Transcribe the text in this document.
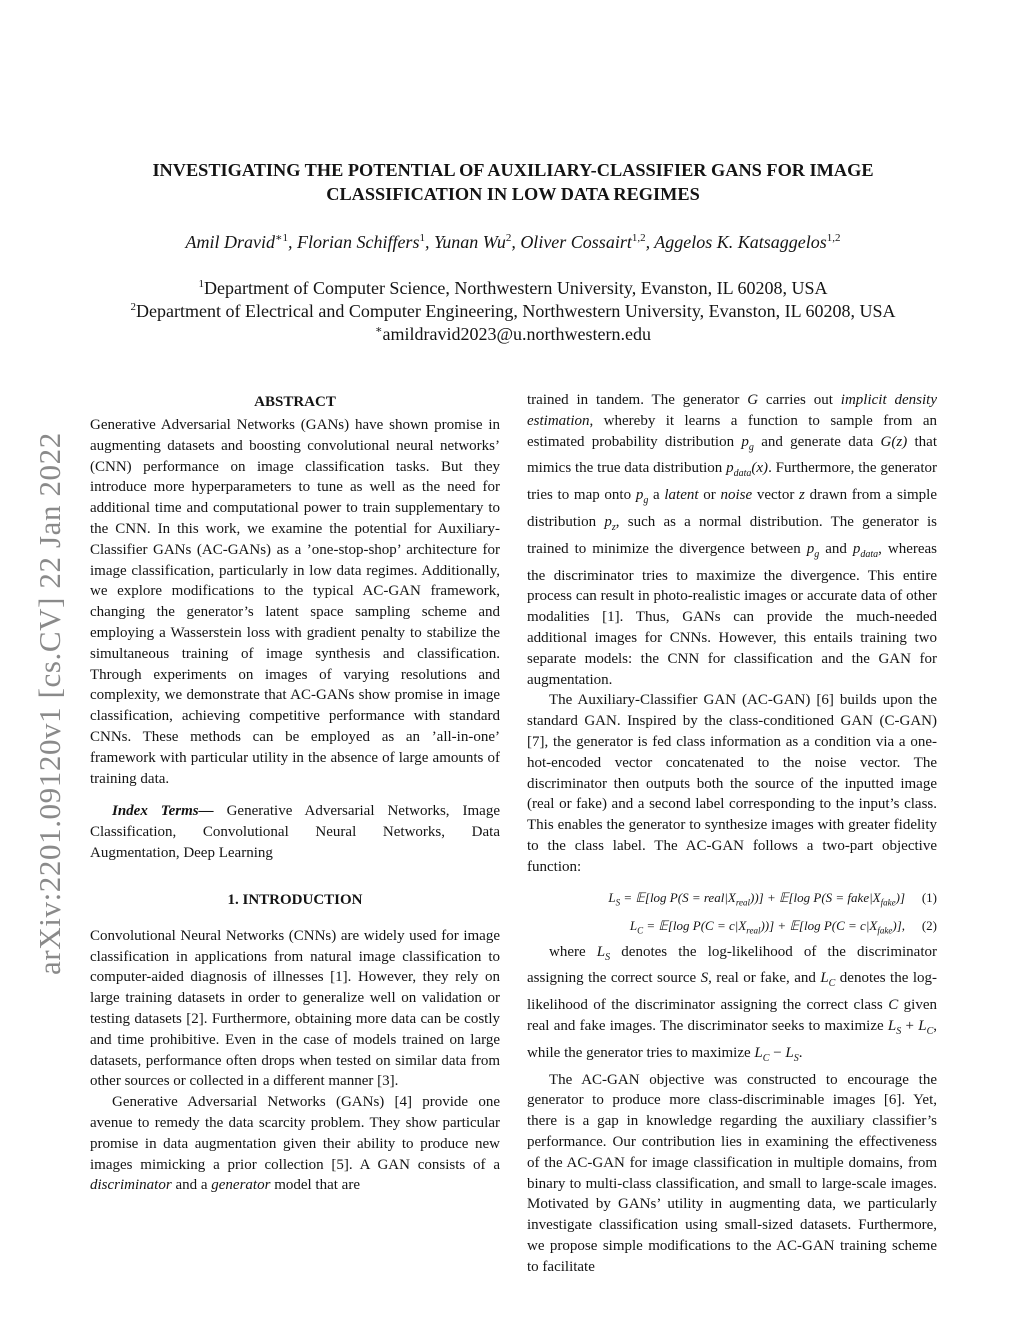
arXiv:2201.09120v1 [cs.CV] 22 Jan 2022
INVESTIGATING THE POTENTIAL OF AUXILIARY-CLASSIFIER GANS FOR IMAGE
CLASSIFICATION IN LOW DATA REGIMES

Amil Dravid$^{∗1}$, Florian Schiffers$^1$, Yunan Wu$^2$, Oliver Cossairt$^{1,2}$, Aggelos K. Katsaggelos$^{1,2}$

$^1$Department of Computer Science, Northwestern University, Evanston, IL 60208, USA

$^2$Department of Electrical and Computer Engineering, Northwestern University, Evanston, IL 60208, USA

∗amildravid2023@u.northwestern.edu

ABSTRACT

Generative Adversarial Networks (GANs) have shown promise in augmenting datasets and boosting convolutional neural networks’ (CNN) performance on image classification tasks. But they introduce more hyperparameters to tune as well as the need for additional time and computational power to train supplementary to the CNN. In this work, we examine the potential for Auxiliary-Classifier GANs (AC-GANs) as a ’one-stop-shop’ architecture for image classification, particularly in low data regimes. Additionally, we explore modifications to the typical AC-GAN framework, changing the generator’s latent space sampling scheme and employing a Wasserstein loss with gradient penalty to stabilize the simultaneous training of image synthesis and classification. Through experiments on images of varying resolutions and complexity, we demonstrate that AC-GANs show promise in image classification, achieving competitive performance with standard CNNs. These methods can be employed as an ’all-in-one’ framework with particular utility in the absence of large amounts of training data.

Index Terms— Generative Adversarial Networks, Image Classification, Convolutional Neural Networks, Data Augmentation, Deep Learning

1. INTRODUCTION

Convolutional Neural Networks (CNNs) are widely used for image classification in applications from natural image classification to computer-aided diagnosis of illnesses [1]. However, they rely on large training datasets in order to generalize well on validation or testing datasets [2]. Furthermore, obtaining more data can be costly and time prohibitive. Even in the case of models trained on large datasets, performance often drops when tested on similar data from other sources or collected in a different manner [3].

Generative Adversarial Networks (GANs) [4] provide one avenue to remedy the data scarcity problem. They show particular promise in data augmentation given their ability to produce new images mimicking a prior collection [5]. A GAN consists of a discriminator and a generator model that are

trained in tandem. The generator G carries out implicit density estimation, whereby it learns a function to sample from an estimated probability distribution $p_g$ and generate data G(z) that mimics the true data distribution $p_{data}(x)$. Furthermore, the generator tries to map onto $p_g$ a latent or noise vector z drawn from a simple distribution $p_z$, such as a normal distribution. The generator is trained to minimize the divergence between $p_g$ and $p_{data}$, whereas the discriminator tries to maximize the divergence. This entire process can result in photo-realistic images or accurate data of other modalities [1]. Thus, GANs can provide the much-needed additional images for CNNs. However, this entails training two separate models: the CNN for classification and the GAN for augmentation.

The Auxiliary-Classifier GAN (AC-GAN) [6] builds upon the standard GAN. Inspired by the class-conditioned GAN (C-GAN) [7], the generator is fed class information as a condition via a one-hot-encoded vector concatenated to the noise vector. The discriminator then outputs both the source of the inputted image (real or fake) and a second label corresponding to the input’s class. This enables the generator to synthesize images with greater fidelity to the class label. The AC-GAN follows a two-part objective function:

$L_S$ = 𝔼[log $P(S = real|X_{real})$)] + 𝔼[log $P(S = fake|X_{fake})$] (1)
$L_C$ = 𝔼[log $P(C = c|X_{real})$)] + 𝔼[log $P(C = c|X_{fake})$], (2)

where $L_S$ denotes the log-likelihood of the discriminator assigning the correct source S, real or fake, and $L_C$ denotes the log-likelihood of the discriminator assigning the correct class C given real and fake images. The discriminator seeks to maximize $L_S + L_C$, while the generator tries to maximize $L_C - L_S$.

The AC-GAN objective was constructed to encourage the generator to produce more class-discriminable images [6]. Yet, there is a gap in knowledge regarding the auxiliary classifier’s performance. Our contribution lies in examining the effectiveness of the AC-GAN for image classification in multiple domains, from binary to multi-class classification, and small to large-scale images. Motivated by GANs’ utility in augmenting data, we particularly investigate classification using small-sized datasets. Furthermore, we propose simple modifications to the AC-GAN training scheme to facilitate
